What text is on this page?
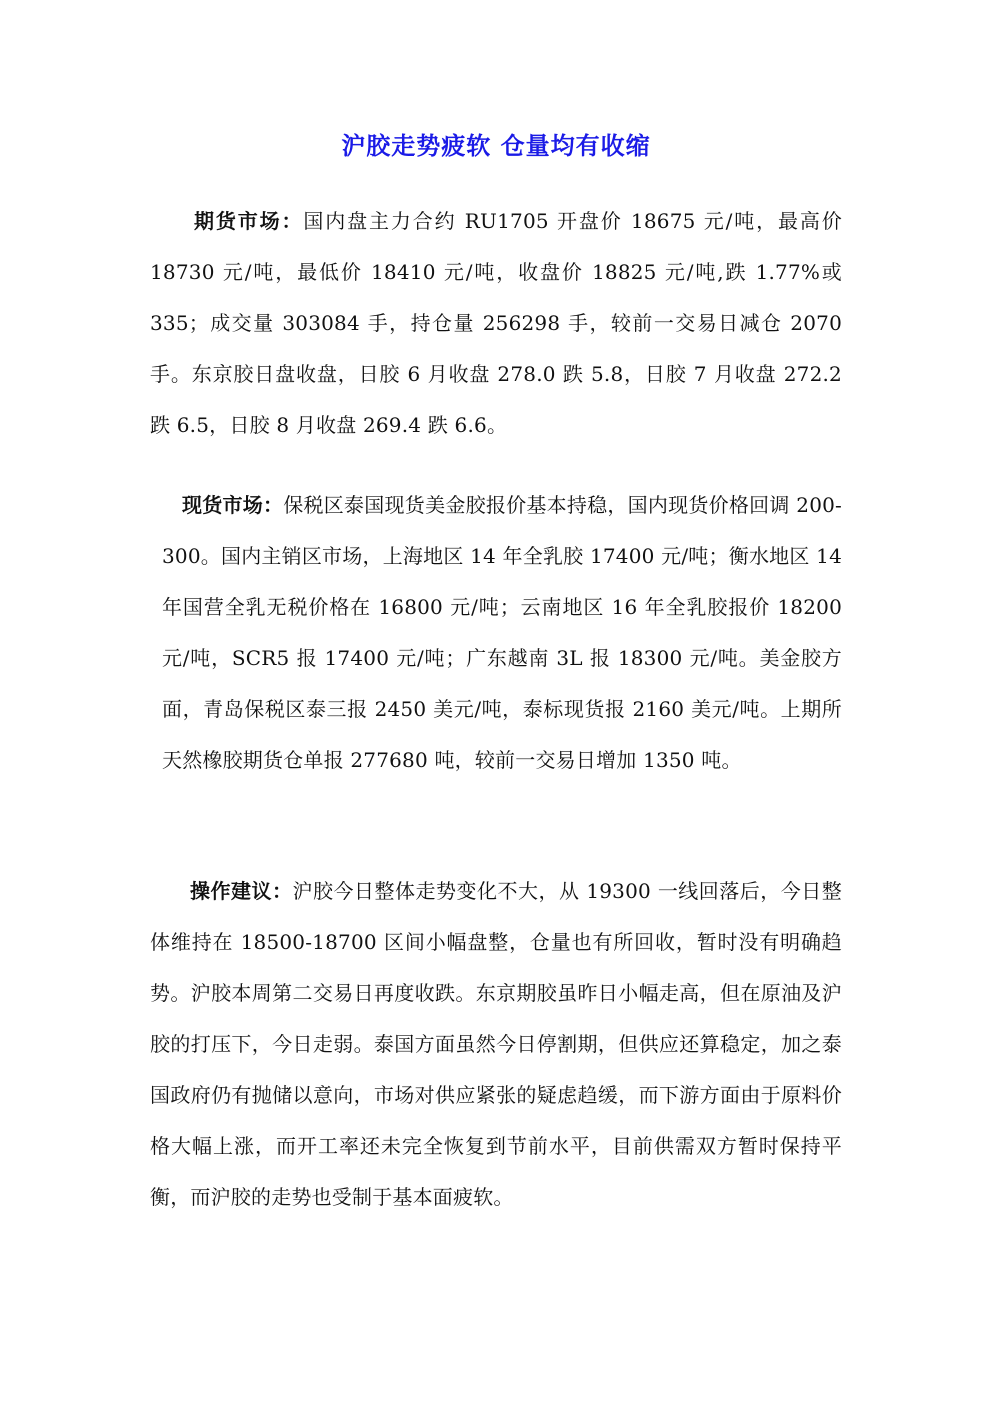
沪胶走势疲软 仓量均有收缩
期货市场：国内盘主力合约 RU1705 开盘价 18675 元/吨，最高价 18730 元/吨，最低价 18410 元/吨，收盘价 18825 元/吨,跌 1.77%或 335；成交量 303084 手，持仓量 256298 手，较前一交易日减仓 2070 手。东京胶日盘收盘，日胶 6 月收盘 278.0 跌 5.8，日胶 7 月收盘 272.2 跌 6.5，日胶 8 月收盘 269.4 跌 6.6。
现货市场：保税区泰国现货美金胶报价基本持稳，国内现货价格回调 200-300。国内主销区市场，上海地区 14 年全乳胶 17400 元/吨；衡水地区 14 年国营全乳无税价格在 16800 元/吨；云南地区 16 年全乳胶报价 18200 元/吨，SCR5 报 17400 元/吨；广东越南 3L 报 18300 元/吨。美金胶方面，青岛保税区泰三报 2450 美元/吨，泰标现货报 2160 美元/吨。上期所天然橡胶期货仓单报 277680 吨，较前一交易日增加 1350 吨。
操作建议：沪胶今日整体走势变化不大，从 19300 一线回落后，今日整体维持在 18500-18700 区间小幅盘整，仓量也有所回收，暂时没有明确趋势。沪胶本周第二交易日再度收跌。东京期胶虽昨日小幅走高，但在原油及沪胶的打压下，今日走弱。泰国方面虽然今日停割期，但供应还算稳定，加之泰国政府仍有抛储以意向，市场对供应紧张的疑虑趋缓，而下游方面由于原料价格大幅上涨，而开工率还未完全恢复到节前水平，目前供需双方暂时保持平衡，而沪胶的走势也受制于基本面疲软。
